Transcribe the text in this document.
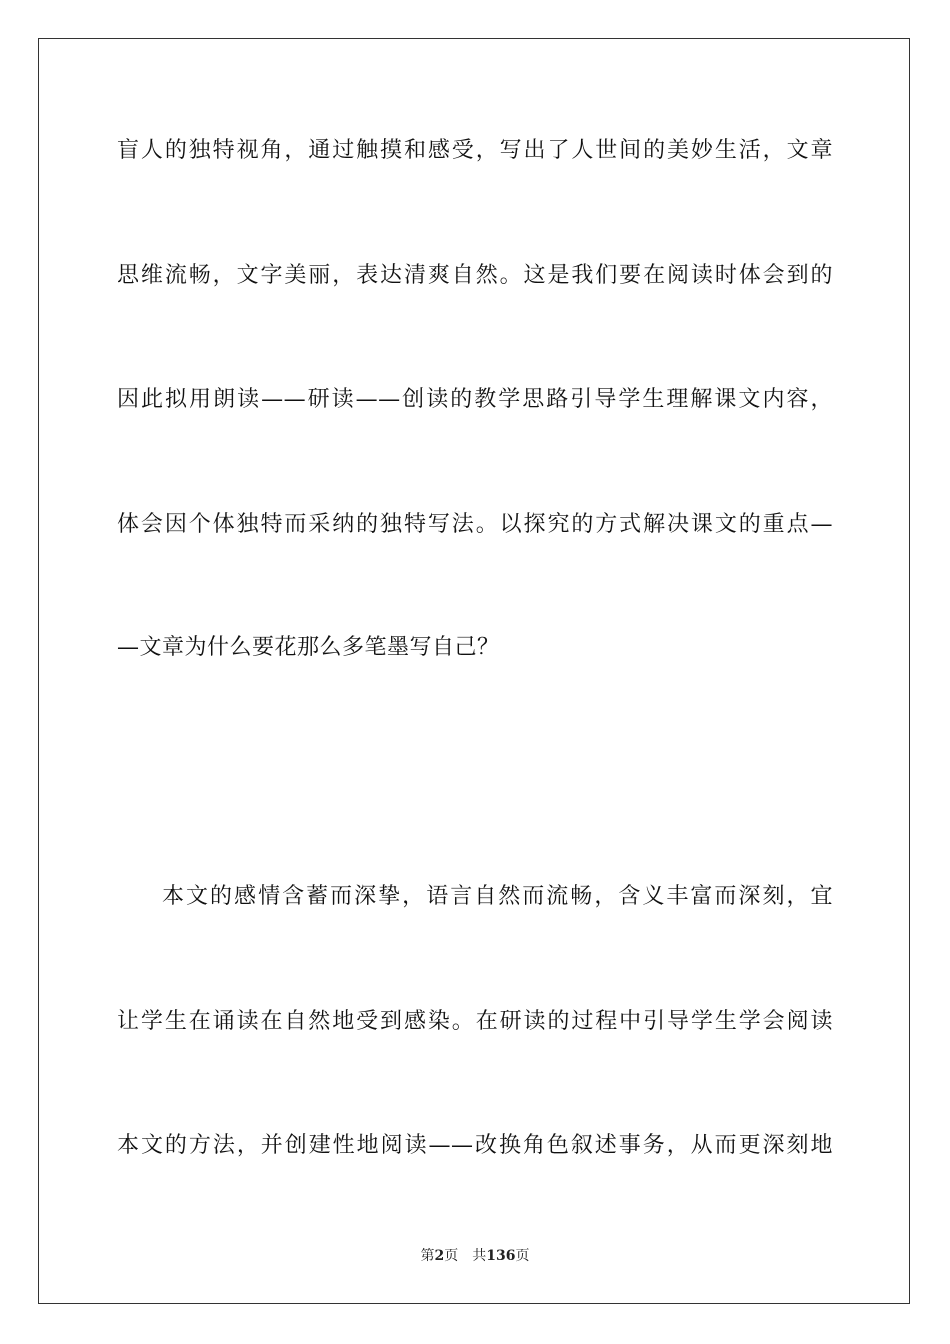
盲人的独特视角，通过触摸和感受，写出了人世间的美妙生活，文章
思维流畅，文字美丽，表达清爽自然。这是我们要在阅读时体会到的
因此拟用朗读——研读——创读的教学思路引导学生理解课文内容，
体会因个体独特而采纳的独特写法。以探究的方式解决课文的重点—
—文章为什么要花那么多笔墨写自己？
本文的感情含蓄而深挚，语言自然而流畅，含义丰富而深刻，宜
让学生在诵读在自然地受到感染。在研读的过程中引导学生学会阅读
本文的方法，并创建性地阅读——改换角色叙述事务，从而更深刻地
第2页 共136页
